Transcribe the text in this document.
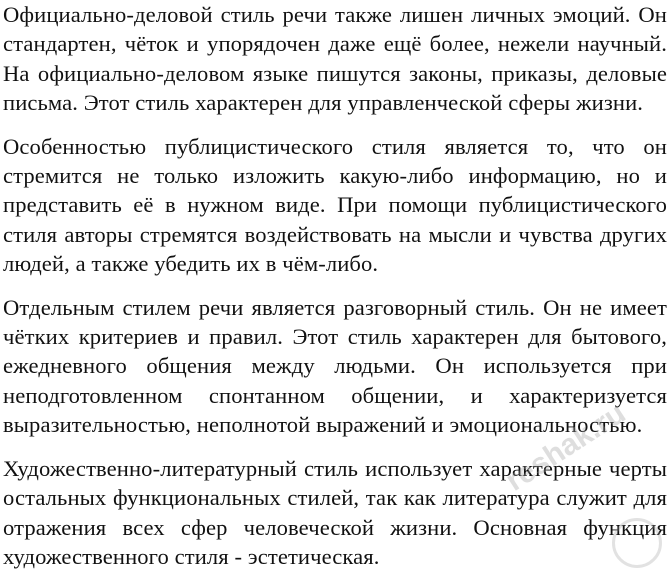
Официально-деловой стиль речи также лишен личных эмоций. Он стандартен, чёток и упорядочен даже ещё более, нежели научный. На официально-деловом языке пишутся законы, приказы, деловые письма. Этот стиль характерен для управленческой сферы жизни.

Особенностью публицистического стиля является то, что он стремится не только изложить какую-либо информацию, но и представить её в нужном виде. При помощи публицистического стиля авторы стремятся воздействовать на мысли и чувства других людей, а также убедить их в чём-либо.

Отдельным стилем речи является разговорный стиль. Он не имеет чётких критериев и правил. Этот стиль характерен для бытового, ежедневного общения между людьми. Он используется при неподготовленном спонтанном общении, и характеризуется выразительностью, неполнотой выражений и эмоциональностью.

Художественно-литературный стиль использует характерные черты остальных функциональных стилей, так как литература служит для отражения всех сфер человеческой жизни. Основная функция художественного стиля - эстетическая.

reshak.ru
